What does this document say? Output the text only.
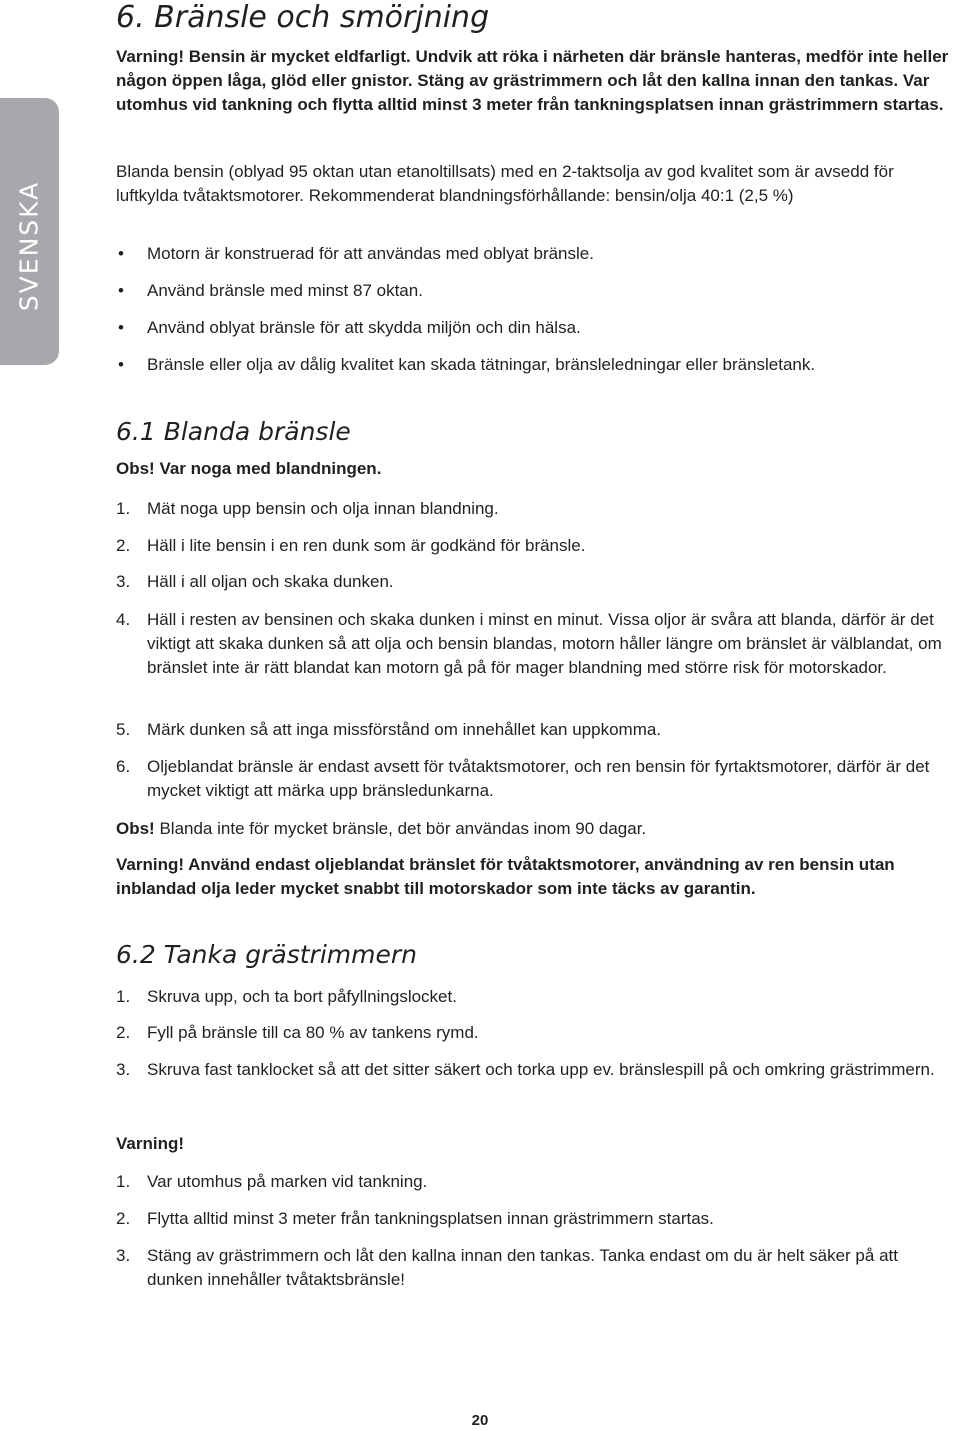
SVENSKA
6. Bränsle och smörjning

Varning! Bensin är mycket eldfarligt. Undvik att röka i närheten där bränsle hanteras, medför inte heller någon öppen låga, glöd eller gnistor. Stäng av grästrimmern och låt den kallna innan den tankas. Var utomhus vid tankning och flytta alltid minst 3 meter från tankningsplatsen innan grästrimmern startas.

Blanda bensin (oblyad 95 oktan utan etanoltillsats) med en 2-taktsolja av god kvalitet som är avsedd för luftkylda tvåtaktsmotorer. Rekommenderat blandningsförhållande: bensin/olja 40:1 (2,5 %)

•	Motorn är konstruerad för att användas med oblyat bränsle.
•	Använd bränsle med minst 87 oktan.
•	Använd oblyat bränsle för att skydda miljön och din hälsa.
•	Bränsle eller olja av dålig kvalitet kan skada tätningar, bränsleledningar eller bränsletank.
6.1 Blanda bränsle

Obs! Var noga med blandningen.

1. Mät noga upp bensin och olja innan blandning.
2. Häll i lite bensin i en ren dunk som är godkänd för bränsle.
3. Häll i all oljan och skaka dunken.
4. Häll i resten av bensinen och skaka dunken i minst en minut. Vissa oljor är svåra att blanda, därför är det viktigt att skaka dunken så att olja och bensin blandas, motorn håller längre om bränslet är välblandat, om bränslet inte är rätt blandat kan motorn gå på för mager blandning med större risk för motorskador.
5. Märk dunken så att inga missförstånd om innehållet kan uppkomma.
6. Oljeblandat bränsle är endast avsett för tvåtaktsmotorer, och ren bensin för fyrtaktsmotorer, därför är det mycket viktigt att märka upp bränsledunkarna.

Obs! Blanda inte för mycket bränsle, det bör användas inom 90 dagar.

Varning! Använd endast oljeblandat bränslet för tvåtaktsmotorer, användning av ren bensin utan inblandad olja leder mycket snabbt till motorskador som inte täcks av garantin.

6.2 Tanka grästrimmern
1. Skruva upp, och ta bort påfyllningslocket.
2. Fyll på bränsle till ca 80 % av tankens rymd.
3. Skruva fast tanklocket så att det sitter säkert och torka upp ev. bränslespill på och omkring grästrimmern.

Varning!

1. Var utomhus på marken vid tankning.
2. Flytta alltid minst 3 meter från tankningsplatsen innan grästrimmern startas.
3. Stäng av grästrimmern och låt den kallna innan den tankas. Tanka endast om du är helt säker på att dunken innehåller tvåtaktsbränsle!
20
